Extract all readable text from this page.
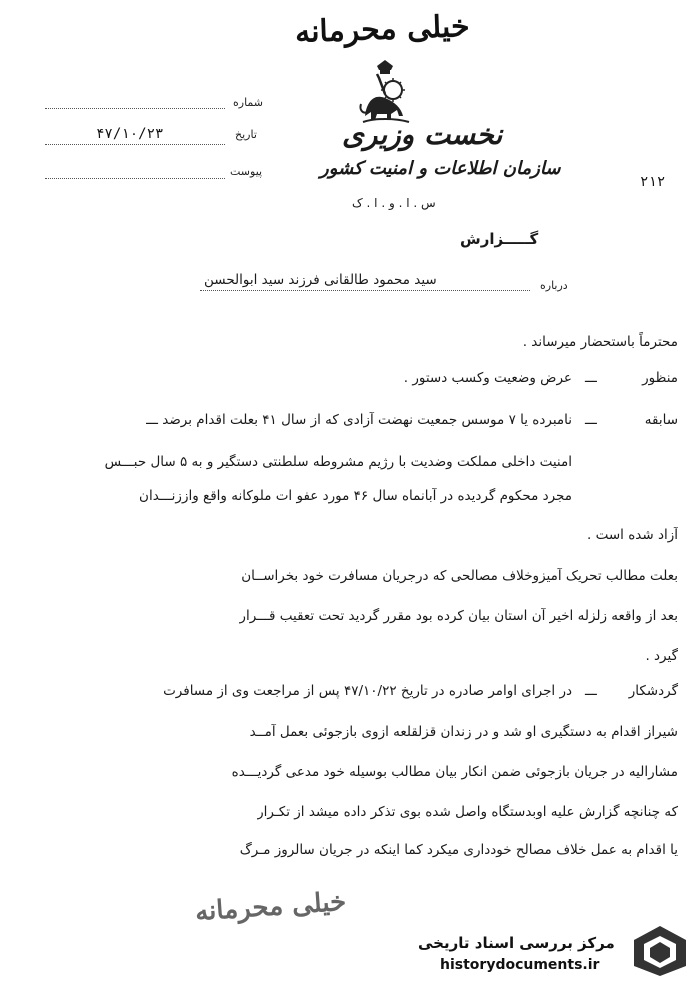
خیلی محرمانه
نخست وزیری
سازمان اطلاعات و امنیت کشور
س . ا . و . ا . ک
شماره
تاریخ
۴۷/۱۰/۲۳
پیوست
۲۱۲
گـــــزارش
درباره
سید محمود طالقانی فرزند سید ابوالحسن
محترماً باستحضار میرساند .
منظور
ـــ
عرض وضعیت وکسب دستور .
سابقه
ـــ
نامبرده یا ۷ موسس جمعیت نهضت آزادی که از سال ۴۱ بعلت اقدام برضد ـــ
امنیت داخلی مملکت وضدیت با رژیم مشروطه سلطنتی دستگیر و به ۵ سال حبـــس
مجرد محکوم گردیده در آبانماه سال ۴۶ مورد عفو ات ملوکانه واقع واززنـــدان
آزاد شده است .
بعلت مطالب تحریک آمیزوخلاف مصالحی که درجریان مسافرت خود بخراســان
بعد از واقعه زلزله اخیر آن استان بیان کرده بود مقرر گردید تحت تعقیب قـــرار
گیرد .
گردشکار
ـــ
در اجرای اوامر صادره در تاریخ ۴۷/۱۰/۲۲ پس از مراجعت وی از مسافرت
شیراز اقدام به دستگیری او شد و در زندان قزلقلعه ازوی بازجوئی بعمل آمــد
مشارالیه در جریان بازجوئی ضمن انکار بیان مطالب بوسیله خود مدعی گردیـــده
که چنانچه گزارش علیه اوبدستگاه واصل شده بوی تذکر داده میشد از تکـرار
یا اقدام به عمل خلاف مصالح خودداری میکرد کما اینکه در جریان سالروز مـرگ
خیلی محرمانه
مرکز بررسی اسناد تاریخی
historydocuments.ir
